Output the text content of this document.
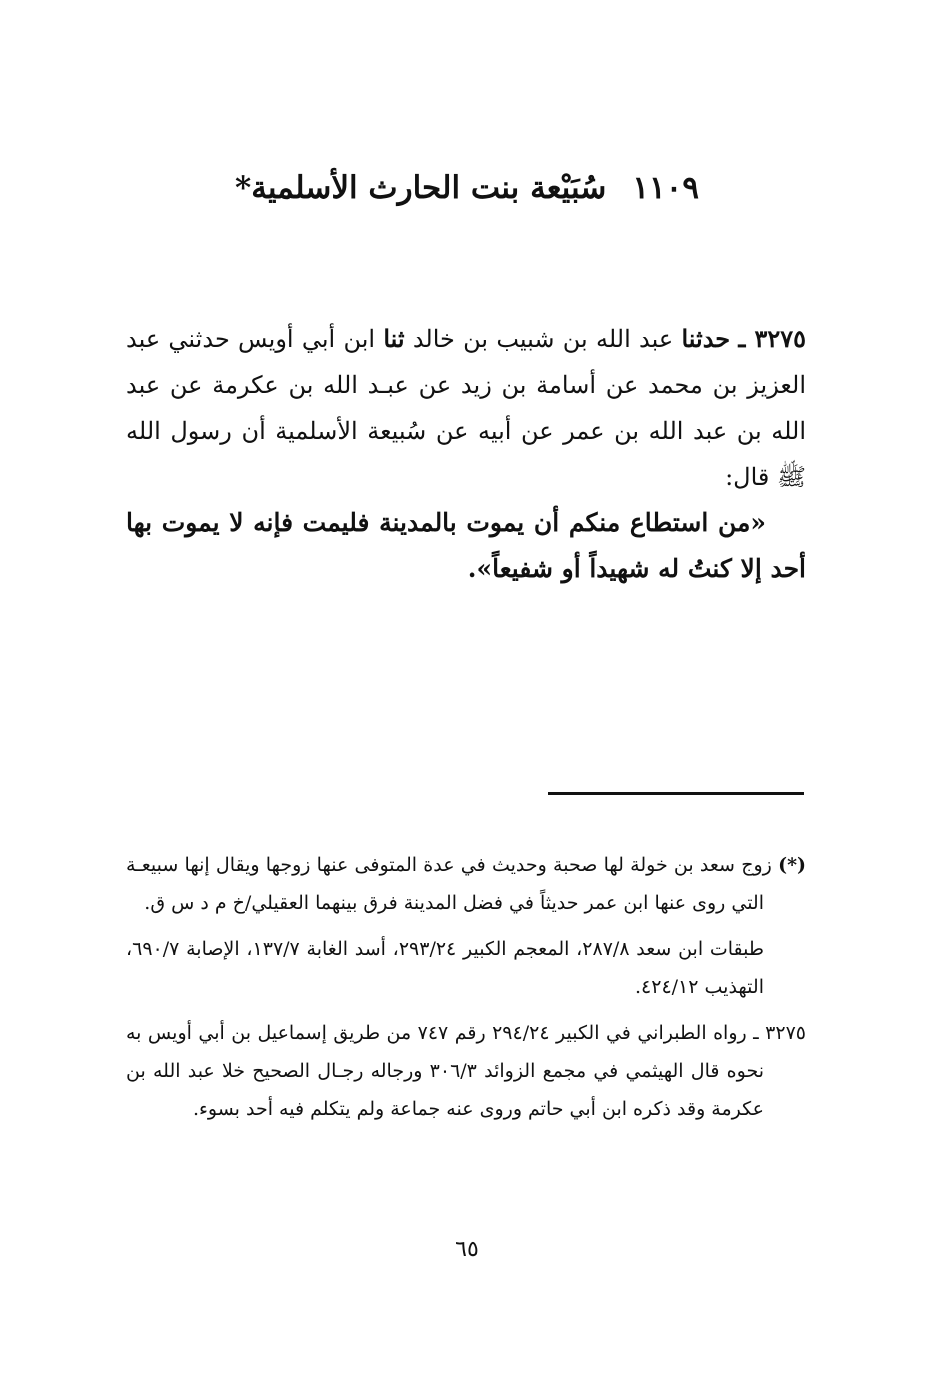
١١٠٩سُبَيْعة بنت الحارث الأسلمية*

٣٢٧٥ ـ حدثنا عبد الله بن شبيب بن خالد ثنا ابن أبي أويس حدثني عبد العزيز بن محمد عن أسامة بن زيد عن عبـد الله بن عكرمة عن عبد الله بن عبد الله بن عمر عن أبيه عن سُبيعة الأسلمية أن رسول الله ﷺ قال:

«من استطاع منكم أن يموت بالمدينة فليمت فإنه لا يموت بها أحد إلا كنتُ له شهيداً أو شفيعاً».

(*) زوج سعد بن خولة لها صحبة وحديث في عدة المتوفى عنها زوجها ويقال إنها سبيعـة التي روى عنها ابن عمر حديثاً في فضل المدينة فرق بينهما العقيلي/خ م د س ق.

طبقات ابن سعد ٢٨٧/٨، المعجم الكبير ٢٩٣/٢٤، أسد الغابة ١٣٧/٧، الإصابة ٦٩٠/٧، التهذيب ٤٢٤/١٢.

٣٢٧٥ ـ رواه الطبراني في الكبير ٢٩٤/٢٤ رقم ٧٤٧ من طريق إسماعيل بن أبي أويس به نحوه قال الهيثمي في مجمع الزوائد ٣٠٦/٣ ورجاله رجـال الصحيح خلا عبد الله بن عكرمة وقد ذكره ابن أبي حاتم وروى عنه جماعة ولم يتكلم فيه أحد بسوء.

٦٥
